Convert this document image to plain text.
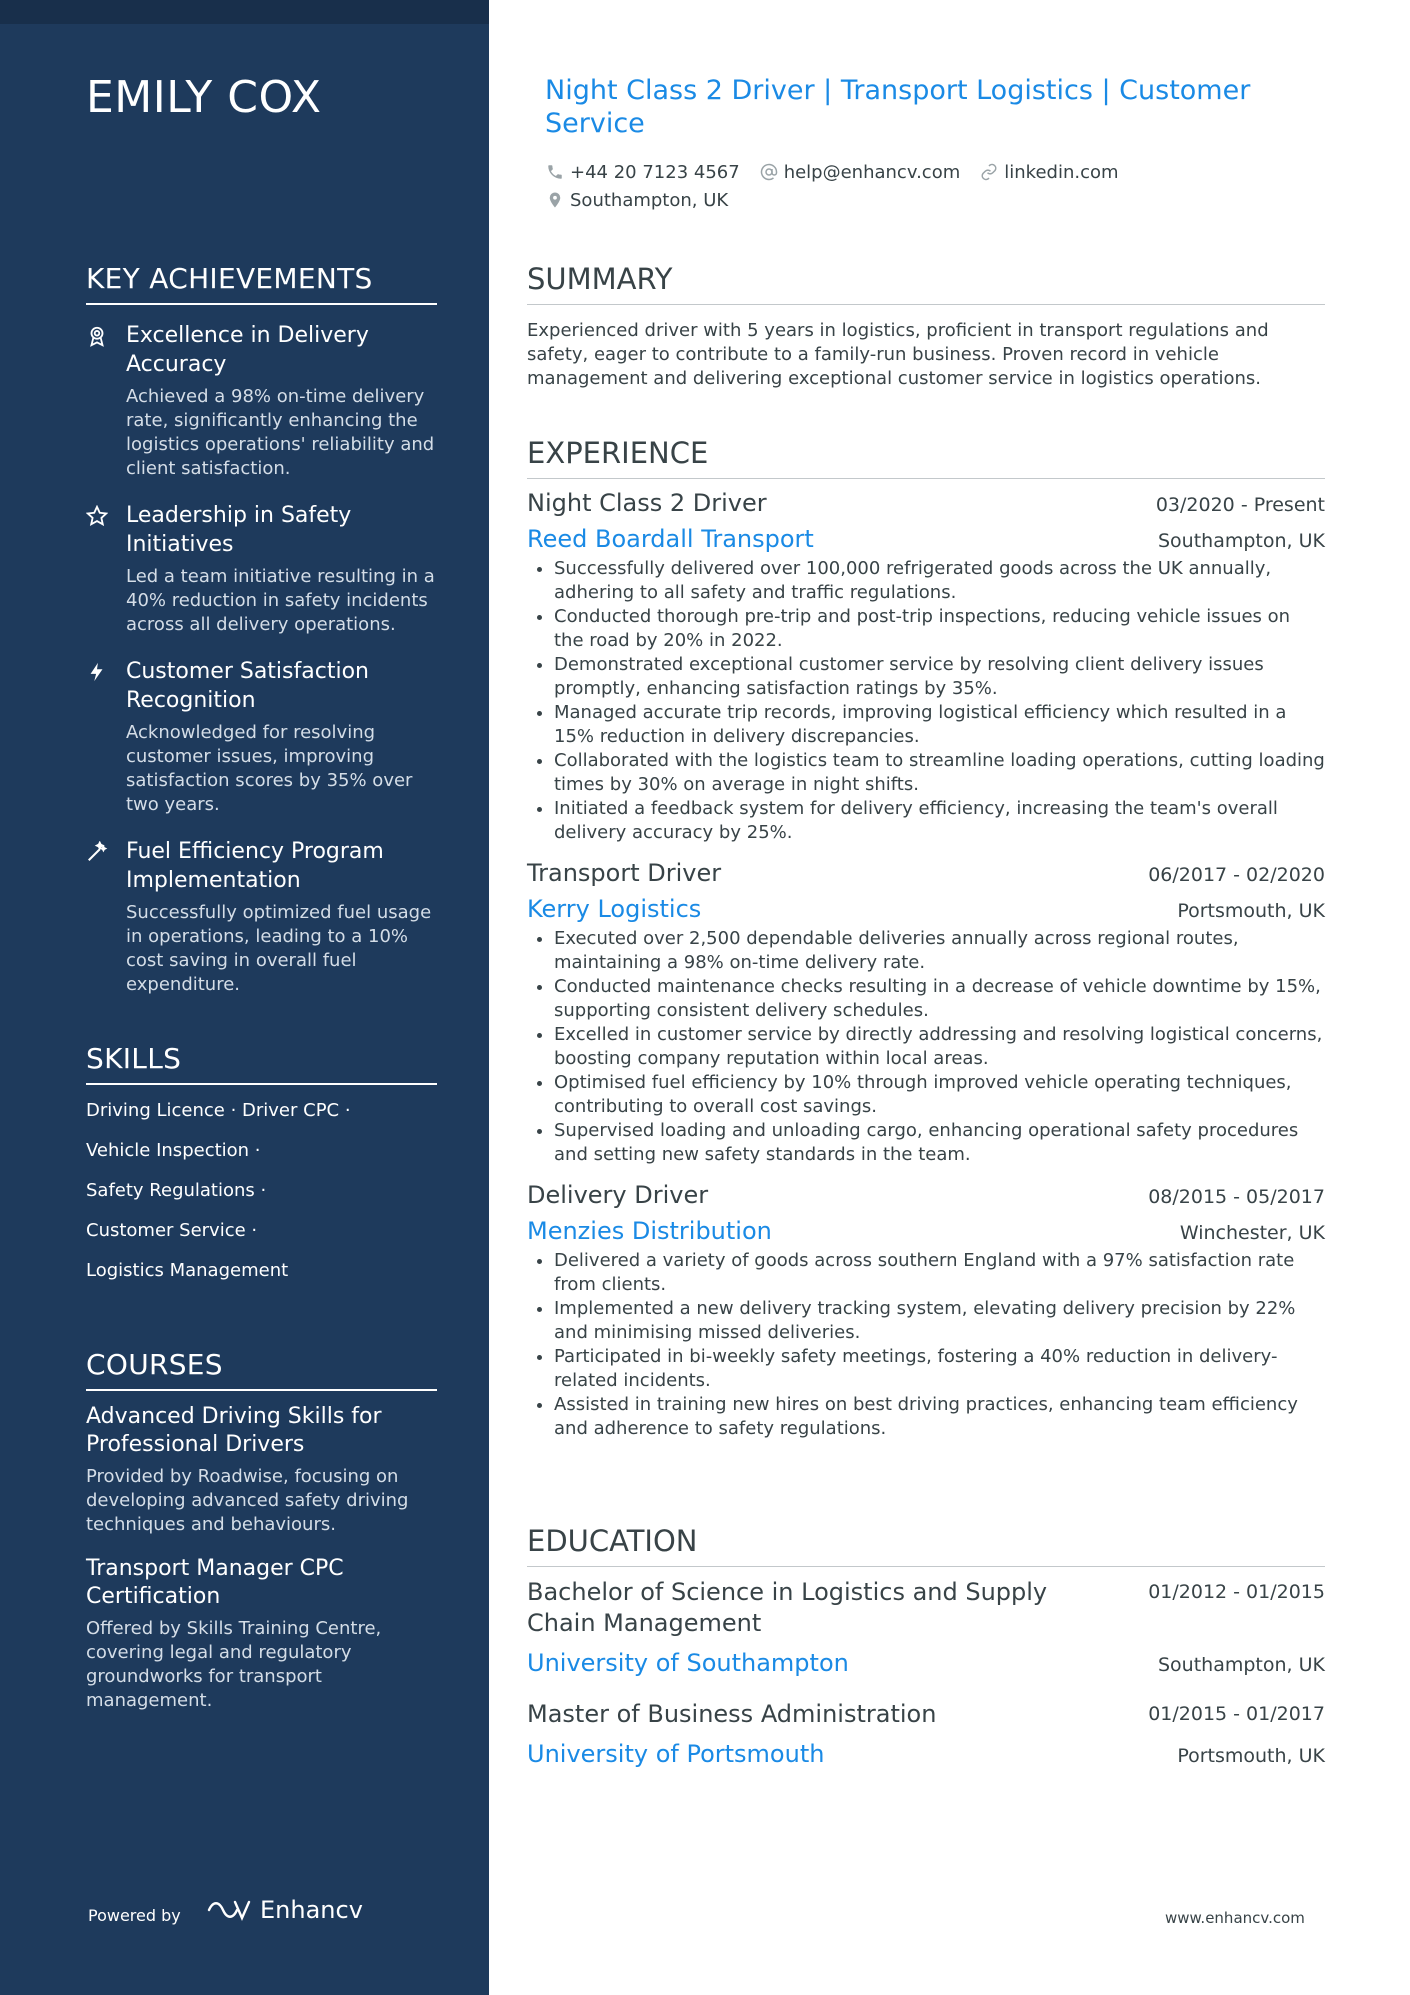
EMILY COX
KEY ACHIEVEMENTS
Excellence in Delivery Accuracy
Achieved a 98% on-time delivery rate, significantly enhancing the logistics operations' reliability and client satisfaction.
Leadership in Safety Initiatives
Led a team initiative resulting in a 40% reduction in safety incidents across all delivery operations.
Customer Satisfaction Recognition
Acknowledged for resolving customer issues, improving satisfaction scores by 35% over two years.
Fuel Efficiency Program Implementation
Successfully optimized fuel usage in operations, leading to a 10% cost saving in overall fuel expenditure.
SKILLS
Driving Licence · Driver CPC ·
Vehicle Inspection ·
Safety Regulations ·
Customer Service ·
Logistics Management
COURSES
Advanced Driving Skills for Professional Drivers
Provided by Roadwise, focusing on developing advanced safety driving techniques and behaviours.
Transport Manager CPC Certification
Offered by Skills Training Centre, covering legal and regulatory groundworks for transport management.
Powered by	Enhancv
Night Class 2 Driver | Transport Logistics | Customer Service
+44 20 7123 4567 help@enhancv.com linkedin.com
Southampton, UK
SUMMARY
Experienced driver with 5 years in logistics, proficient in transport regulations and safety, eager to contribute to a family-run business. Proven record in vehicle management and delivering exceptional customer service in logistics operations.
EXPERIENCE
Night Class 2 Driver	03/2020 - Present
Reed Boardall Transport	Southampton, UK
• Successfully delivered over 100,000 refrigerated goods across the UK annually, adhering to all safety and traffic regulations.
• Conducted thorough pre-trip and post-trip inspections, reducing vehicle issues on the road by 20% in 2022.
• Demonstrated exceptional customer service by resolving client delivery issues promptly, enhancing satisfaction ratings by 35%.
• Managed accurate trip records, improving logistical efficiency which resulted in a 15% reduction in delivery discrepancies.
• Collaborated with the logistics team to streamline loading operations, cutting loading times by 30% on average in night shifts.
• Initiated a feedback system for delivery efficiency, increasing the team's overall delivery accuracy by 25%.
Transport Driver	06/2017 - 02/2020
Kerry Logistics	Portsmouth, UK
• Executed over 2,500 dependable deliveries annually across regional routes, maintaining a 98% on-time delivery rate.
• Conducted maintenance checks resulting in a decrease of vehicle downtime by 15%, supporting consistent delivery schedules.
• Excelled in customer service by directly addressing and resolving logistical concerns, boosting company reputation within local areas.
• Optimised fuel efficiency by 10% through improved vehicle operating techniques, contributing to overall cost savings.
• Supervised loading and unloading cargo, enhancing operational safety procedures and setting new safety standards in the team.
Delivery Driver	08/2015 - 05/2017
Menzies Distribution	Winchester, UK
• Delivered a variety of goods across southern England with a 97% satisfaction rate from clients.
• Implemented a new delivery tracking system, elevating delivery precision by 22% and minimising missed deliveries.
• Participated in bi-weekly safety meetings, fostering a 40% reduction in delivery-related incidents.
• Assisted in training new hires on best driving practices, enhancing team efficiency and adherence to safety regulations.
EDUCATION
Bachelor of Science in Logistics and Supply Chain Management
01/2012 - 01/2015
University of Southampton	Southampton, UK
Master of Business Administration	01/2015 - 01/2017
University of Portsmouth	Portsmouth, UK
www.enhancv.com
